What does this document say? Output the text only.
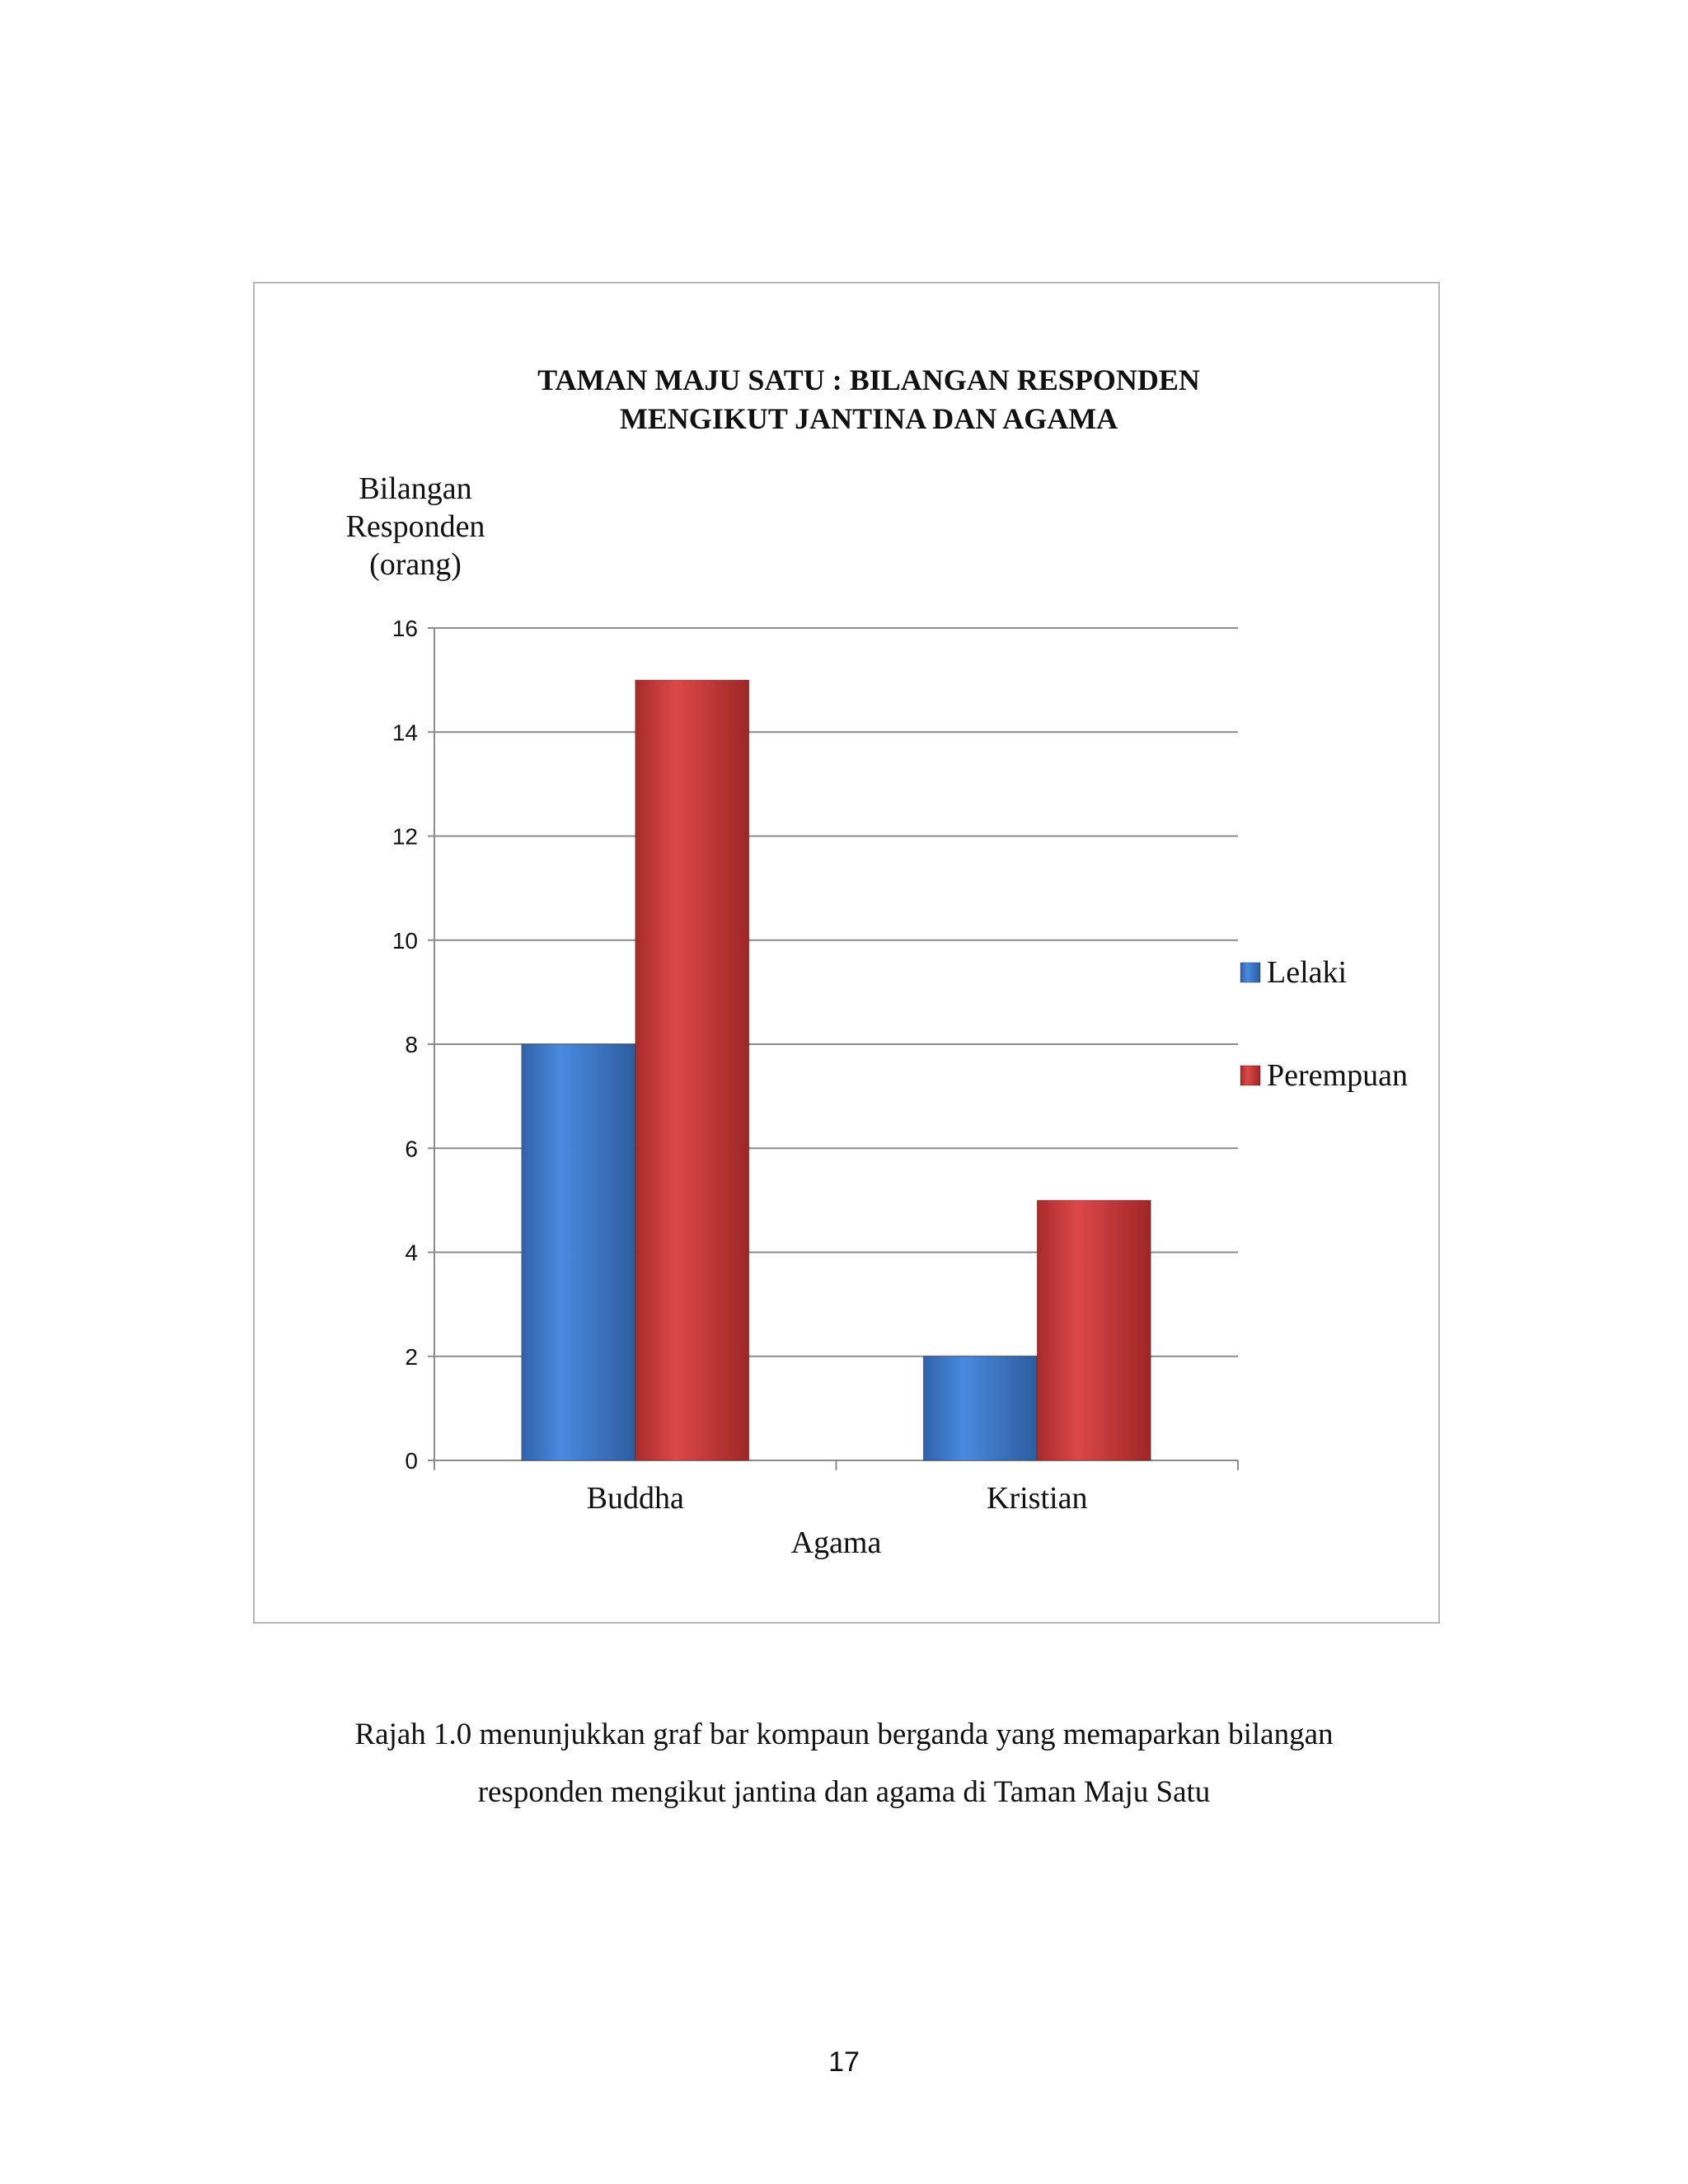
TAMAN MAJU SATU : BILANGAN RESPONDEN
MENGIKUT JANTINA DAN AGAMA
Bilangan
Responden
(orang)
0
2
4
6
8
10
12
14
16
Buddha	Kristian
Agama
Lelaki
Perempuan

Rajah 1.0 menunjukkan graf bar kompaun berganda yang memaparkan bilangan

responden mengikut jantina dan agama di Taman Maju Satu

17
